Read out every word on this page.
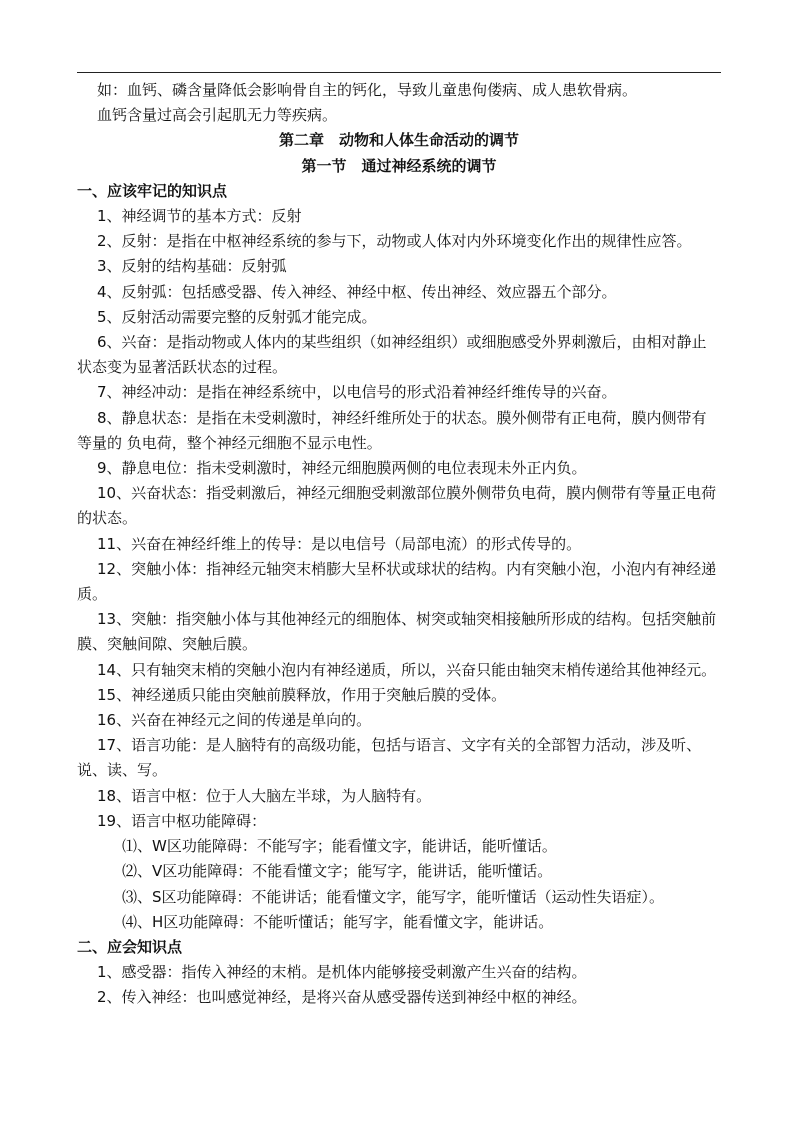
如：血钙、磷含量降低会影响骨自主的钙化，导致儿童患佝偻病、成人患软骨病。
血钙含量过高会引起肌无力等疾病。
第二章　动物和人体生命活动的调节
第一节　通过神经系统的调节
一、应该牢记的知识点
1、神经调节的基本方式：反射
2、反射：是指在中枢神经系统的参与下，动物或人体对内外环境变化作出的规律性应答。
3、反射的结构基础：反射弧
4、反射弧：包括感受器、传入神经、神经中枢、传出神经、效应器五个部分。
5、反射活动需要完整的反射弧才能完成。
6、兴奋：是指动物或人体内的某些组织（如神经组织）或细胞感受外界刺激后，由相对静止状态变为显著活跃状态的过程。
7、神经冲动：是指在神经系统中，以电信号的形式沿着神经纤维传导的兴奋。
8、静息状态：是指在未受刺激时，神经纤维所处于的状态。膜外侧带有正电荷，膜内侧带有等量的 负电荷，整个神经元细胞不显示电性。
9、静息电位：指未受刺激时，神经元细胞膜两侧的电位表现未外正内负。
10、兴奋状态：指受刺激后，神经元细胞受刺激部位膜外侧带负电荷，膜内侧带有等量正电荷的状态。
11、兴奋在神经纤维上的传导：是以电信号（局部电流）的形式传导的。
12、突触小体：指神经元轴突末梢膨大呈杯状或球状的结构。内有突触小泡，小泡内有神经递质。
13、突触：指突触小体与其他神经元的细胞体、树突或轴突相接触所形成的结构。包括突触前膜、突触间隙、突触后膜。
14、只有轴突末梢的突触小泡内有神经递质，所以，兴奋只能由轴突末梢传递给其他神经元。
15、神经递质只能由突触前膜释放，作用于突触后膜的受体。
16、兴奋在神经元之间的传递是单向的。
17、语言功能：是人脑特有的高级功能，包括与语言、文字有关的全部智力活动，涉及听、说、读、写。
18、语言中枢：位于人大脑左半球，为人脑特有。
19、语言中枢功能障碍：
⑴、W区功能障碍：不能写字；能看懂文字，能讲话，能听懂话。
⑵、V区功能障碍：不能看懂文字；能写字，能讲话，能听懂话。
⑶、S区功能障碍：不能讲话；能看懂文字，能写字，能听懂话（运动性失语症）。
⑷、H区功能障碍：不能听懂话；能写字，能看懂文字，能讲话。
二、应会知识点
1、感受器：指传入神经的末梢。是机体内能够接受刺激产生兴奋的结构。
2、传入神经：也叫感觉神经，是将兴奋从感受器传送到神经中枢的神经。
